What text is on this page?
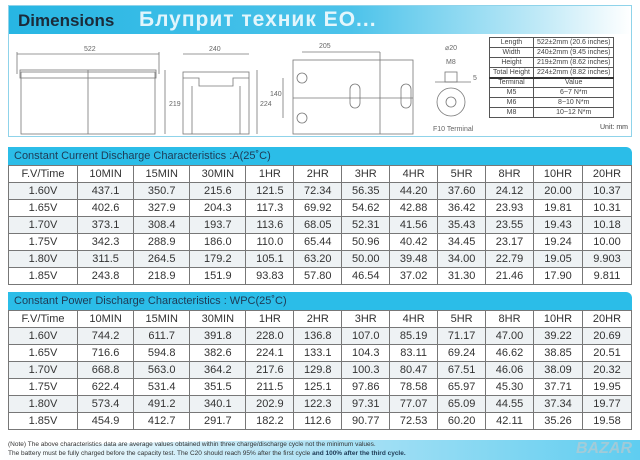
Dimensions
522	240
219	224
205
140
⌀20
M8
5
F10 Terminal
Блуприт техник ЕО...
Length	522±2mm (20.6 inches)
Width	240±2mm (9.45 inches)
Height	219±2mm (8.62 inches)
Total Height	224±2mm (8.82 inches)
Terminal	Value
M5	6~7 N*m
M6	8~10 N*m
M8	10~12 N*m
Unit: mm
Constant Current Discharge Characteristics :A(25˚C)
F.V/Time	10MIN	15MIN	30MIN	1HR	2HR	3HR	4HR	5HR	8HR	10HR	20HR
1.60V	437.1	350.7	215.6	121.5	72.34	56.35	44.20	37.60	24.12	20.00	10.37
1.65V	402.6	327.9	204.3	117.3	69.92	54.62	42.88	36.42	23.93	19.81	10.31
1.70V	373.1	308.4	193.7	113.6	68.05	52.31	41.56	35.43	23.55	19.43	10.18
1.75V	342.3	288.9	186.0	110.0	65.44	50.96	40.42	34.45	23.17	19.24	10.00
1.80V	311.5	264.5	179.2	105.1	63.20	50.00	39.48	34.00	22.79	19.05	9.903
1.85V	243.8	218.9	151.9	93.83	57.80	46.54	37.02	31.30	21.46	17.90	9.811
Constant Power Discharge Characteristics : WPC(25˚C)
F.V/Time	10MIN	15MIN	30MIN	1HR	2HR	3HR	4HR	5HR	8HR	10HR	20HR
1.60V	744.2	611.7	391.8	228.0	136.8	107.0	85.19	71.17	47.00	39.22	20.69
1.65V	716.6	594.8	382.6	224.1	133.1	104.3	83.11	69.24	46.62	38.85	20.51
1.70V	668.8	563.0	364.2	217.6	129.8	100.3	80.47	67.51	46.06	38.09	20.32
1.75V	622.4	531.4	351.5	211.5	125.1	97.86	78.58	65.97	45.30	37.71	19.95
1.80V	573.4	491.2	340.1	202.9	122.3	97.31	77.07	65.09	44.55	37.34	19.77
1.85V	454.9	412.7	291.7	182.2	112.6	90.77	72.53	60.20	42.11	35.26	19.58
(Note) The above characteristics data are average values obtained within three charge/discharge cycle not the minimum values.
The battery must be fully charged before the capacity test. The C20 should reach 95% after the first cycle and 100% after the third cycle.	BAZAR
